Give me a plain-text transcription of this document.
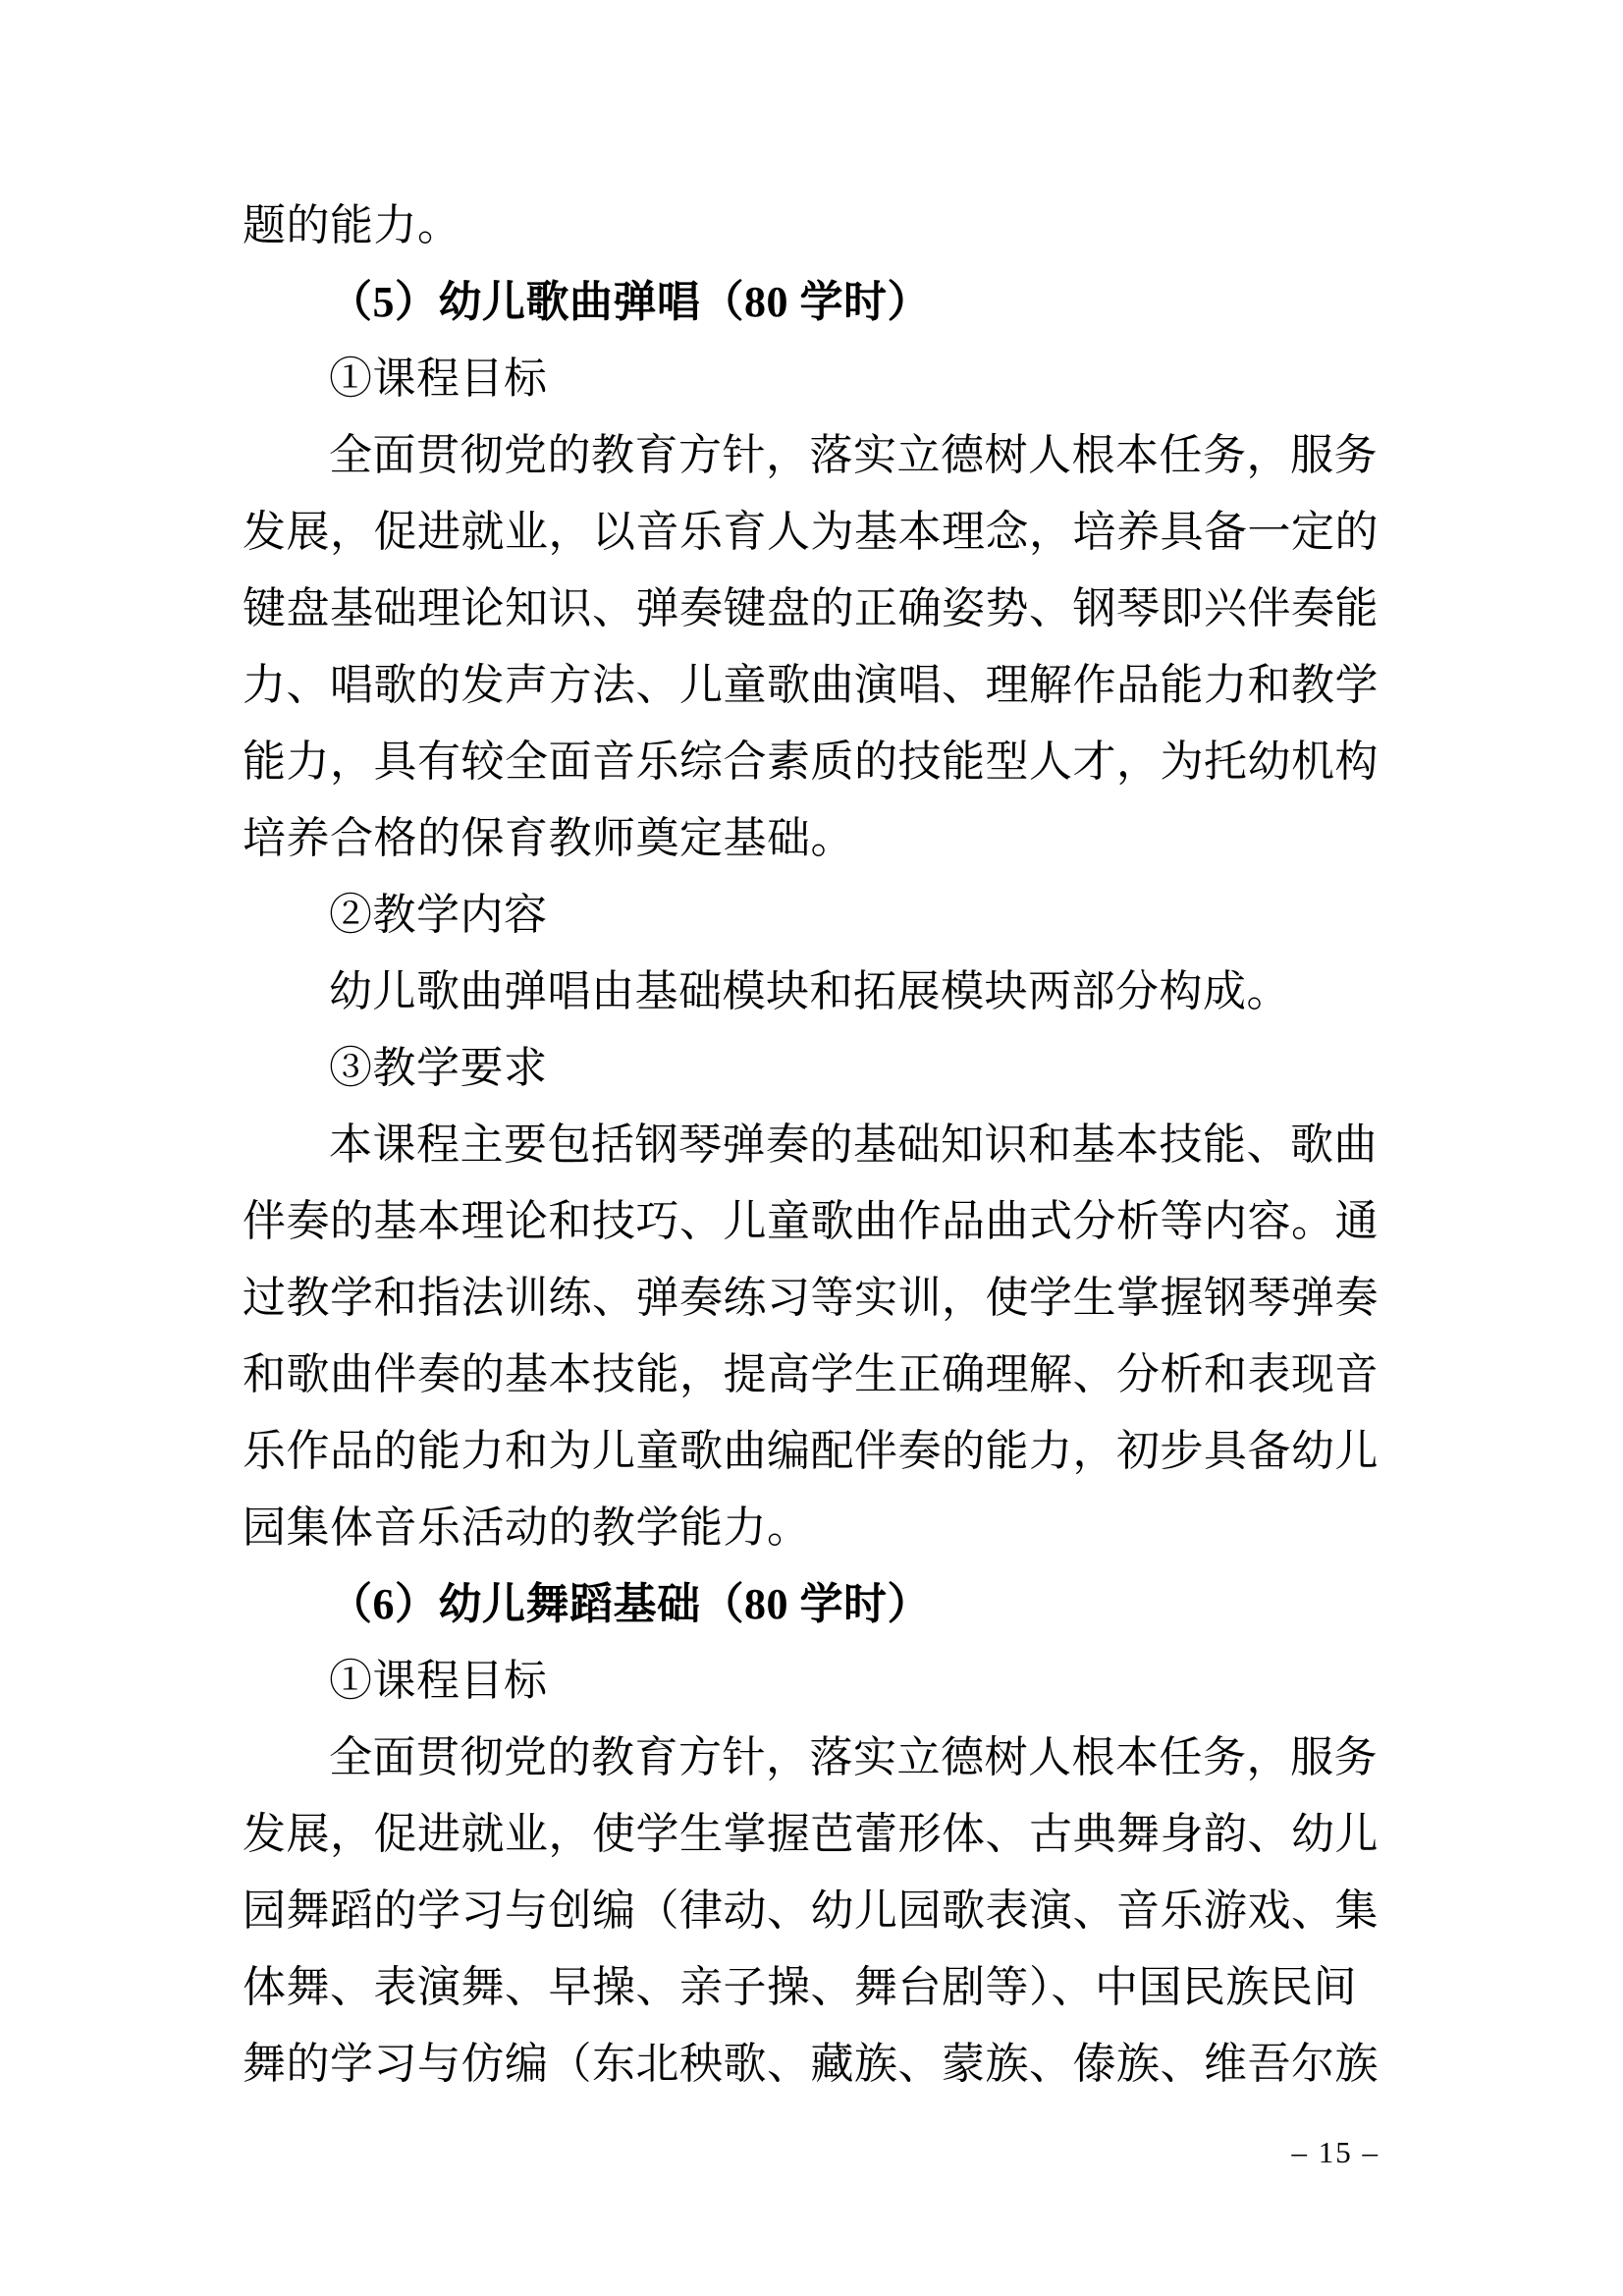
题的能力。
（5）幼儿歌曲弹唱（80 学时）
①课程目标
全面贯彻党的教育方针，落实立德树人根本任务，服务
发展，促进就业，以音乐育人为基本理念，培养具备一定的
键盘基础理论知识、弹奏键盘的正确姿势、钢琴即兴伴奏能
力、唱歌的发声方法、儿童歌曲演唱、理解作品能力和教学
能力，具有较全面音乐综合素质的技能型人才，为托幼机构
培养合格的保育教师奠定基础。
②教学内容
幼儿歌曲弹唱由基础模块和拓展模块两部分构成。
③教学要求
本课程主要包括钢琴弹奏的基础知识和基本技能、歌曲
伴奏的基本理论和技巧、儿童歌曲作品曲式分析等内容。通
过教学和指法训练、弹奏练习等实训，使学生掌握钢琴弹奏
和歌曲伴奏的基本技能，提高学生正确理解、分析和表现音
乐作品的能力和为儿童歌曲编配伴奏的能力，初步具备幼儿
园集体音乐活动的教学能力。
（6）幼儿舞蹈基础（80 学时）
①课程目标
全面贯彻党的教育方针，落实立德树人根本任务，服务
发展，促进就业，使学生掌握芭蕾形体、古典舞身韵、幼儿
园舞蹈的学习与创编（律动、幼儿园歌表演、音乐游戏、集
体舞、表演舞、早操、亲子操、舞台剧等）、中国民族民间
舞的学习与仿编（东北秧歌、藏族、蒙族、傣族、维吾尔族
– 15 –
